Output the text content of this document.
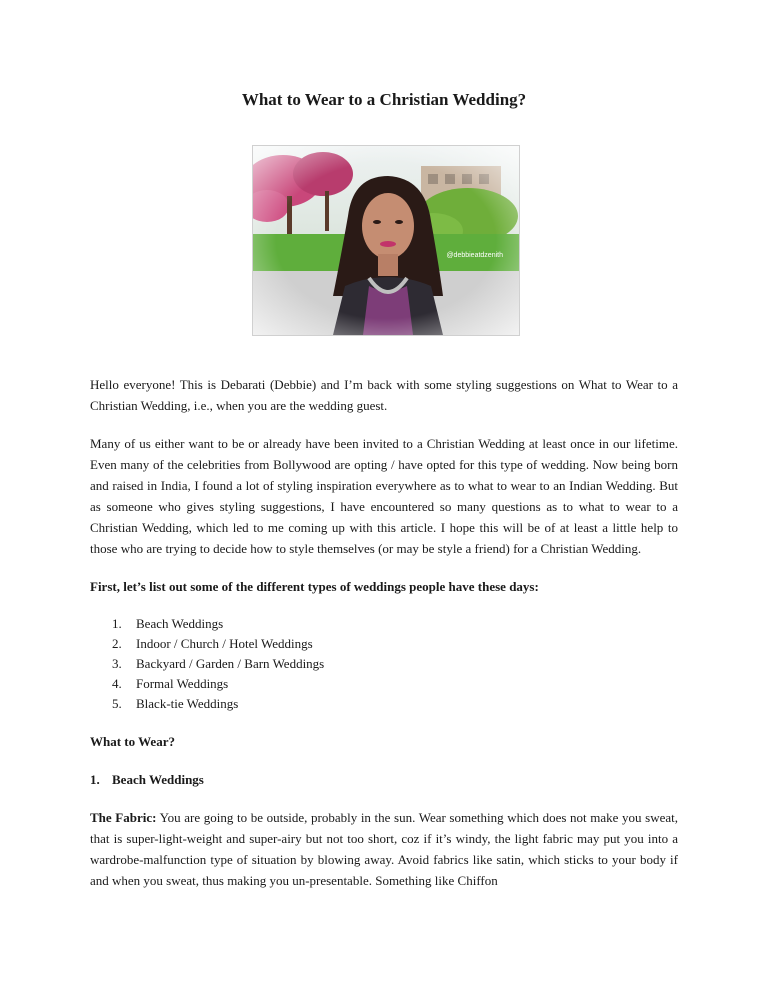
What to Wear to a Christian Wedding?
@debbieatdzenith

Hello everyone! This is Debarati (Debbie) and I’m back with some styling suggestions on What to Wear to a Christian Wedding, i.e., when you are the wedding guest.

Many of us either want to be or already have been invited to a Christian Wedding at least once in our lifetime. Even many of the celebrities from Bollywood are opting / have opted for this type of wedding. Now being born and raised in India, I found a lot of styling inspiration everywhere as to what to wear to an Indian Wedding. But as someone who gives styling suggestions, I have encountered so many questions as to what to wear to a Christian Wedding, which led to me coming up with this article. I hope this will be of at least a little help to those who are trying to decide how to style themselves (or may be style a friend) for a Christian Wedding.

First, let’s list out some of the different types of weddings people have these days:

1.	Beach Weddings
2.	Indoor / Church / Hotel Weddings
3.	Backyard / Garden / Barn Weddings
4.	Formal Weddings
5.	Black-tie Weddings

What to Wear?

1. Beach Weddings

The Fabric: You are going to be outside, probably in the sun. Wear something which does not make you sweat, that is super-light-weight and super-airy but not too short, coz if it’s windy, the light fabric may put you into a wardrobe-malfunction type of situation by blowing away. Avoid fabrics like satin, which sticks to your body if and when you sweat, thus making you un-presentable. Something like Chiffon
